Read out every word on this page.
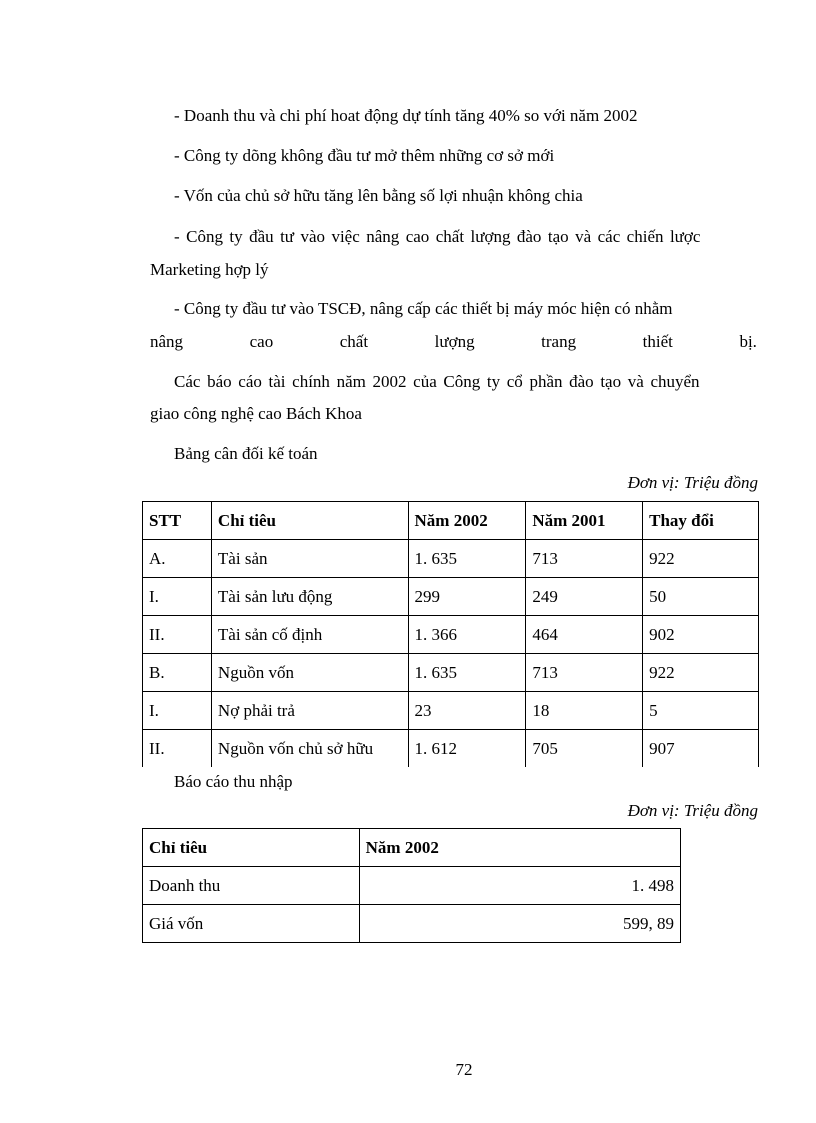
- Doanh thu và chi phí hoat động dự tính tăng 40% so với năm 2002
- Công ty dõng không đầu tư mở thêm những cơ sở mới
- Vốn của chủ sở hữu tăng lên bằng số lợi nhuận không chia
- Công ty đầu tư vào việc nâng cao chất lượng đào tạo và các chiến lược
Marketing hợp lý
- Công ty đầu tư vào TSCĐ, nâng cấp các thiết bị máy móc hiện có nhằm
nâng	cao	chất	lượng	trang	thiết	bị.
Các báo cáo tài chính năm 2002 của Công ty cổ phần đào tạo và chuyển
giao công nghệ cao Bách Khoa
Bảng cân đối kế toán
Đơn vị: Triệu đồng
STT	Chỉ tiêu	Năm 2002	Năm 2001	Thay đổi
A.	Tài sản	1. 635	713	922
I.	Tài sản lưu động	299	249	50
II.	Tài sản cố định	1. 366	464	902
B.	Nguồn vốn	1. 635	713	922
I.	Nợ phải trả	23	18	5
II.	Nguồn vốn chủ sở hữu	1. 612	705	907
Báo cáo thu nhập
Đơn vị: Triệu đồng
Chỉ tiêu	Năm 2002
Doanh thu	1. 498
Giá vốn	599, 89
72
